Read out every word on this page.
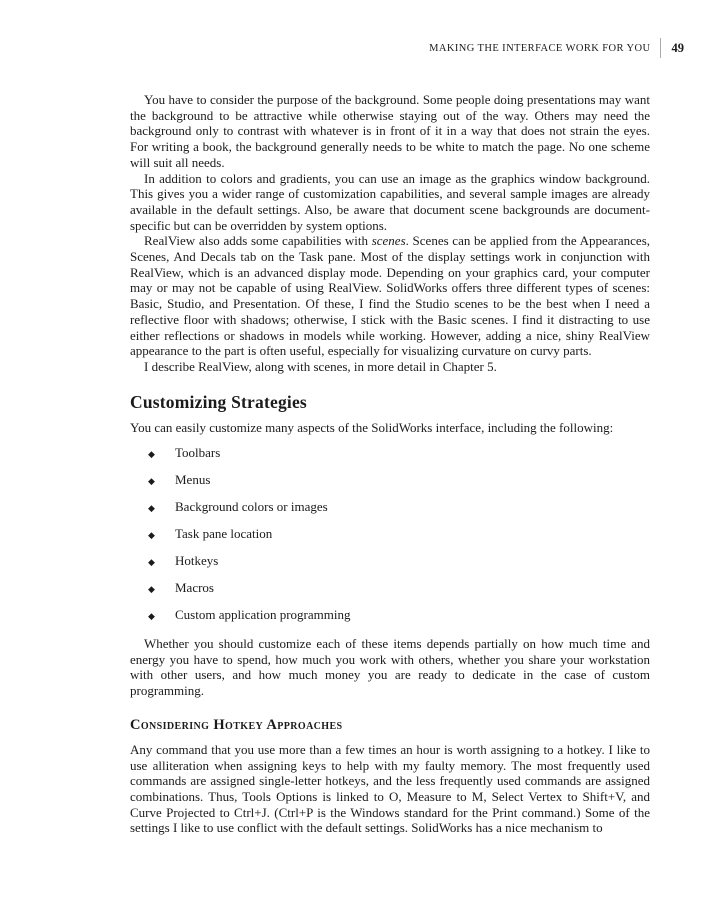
MAKING THE INTERFACE WORK FOR YOU 49

You have to consider the purpose of the background. Some people doing presentations may want the background to be attractive while otherwise staying out of the way. Others may need the background only to contrast with whatever is in front of it in a way that does not strain the eyes. For writing a book, the background generally needs to be white to match the page. No one scheme will suit all needs.

In addition to colors and gradients, you can use an image as the graphics window background. This gives you a wider range of customization capabilities, and several sample images are already available in the default settings. Also, be aware that document scene backgrounds are document-specific but can be overridden by system options.

RealView also adds some capabilities with scenes. Scenes can be applied from the Appearances, Scenes, And Decals tab on the Task pane. Most of the display settings work in conjunction with RealView, which is an advanced display mode. Depending on your graphics card, your computer may or may not be capable of using RealView. SolidWorks offers three different types of scenes: Basic, Studio, and Presentation. Of these, I find the Studio scenes to be the best when I need a reflective floor with shadows; otherwise, I stick with the Basic scenes. I find it distracting to use either reflections or shadows in models while working. However, adding a nice, shiny RealView appearance to the part is often useful, especially for visualizing curvature on curvy parts.

I describe RealView, along with scenes, in more detail in Chapter 5.

Customizing Strategies

You can easily customize many aspects of the SolidWorks interface, including the following:

◆	Toolbars
◆	Menus
◆	Background colors or images
◆	Task pane location
◆	Hotkeys
◆	Macros
◆	Custom application programming

Whether you should customize each of these items depends partially on how much time and energy you have to spend, how much you work with others, whether you share your workstation with other users, and how much money you are ready to dedicate in the case of custom programming.

Considering Hotkey Approaches

Any command that you use more than a few times an hour is worth assigning to a hotkey. I like to use alliteration when assigning keys to help with my faulty memory. The most frequently used commands are assigned single-letter hotkeys, and the less frequently used commands are assigned combinations. Thus, Tools Options is linked to O, Measure to M, Select Vertex to Shift+V, and Curve Projected to Ctrl+J. (Ctrl+P is the Windows standard for the Print command.) Some of the settings I like to use conflict with the default settings. SolidWorks has a nice mechanism to
